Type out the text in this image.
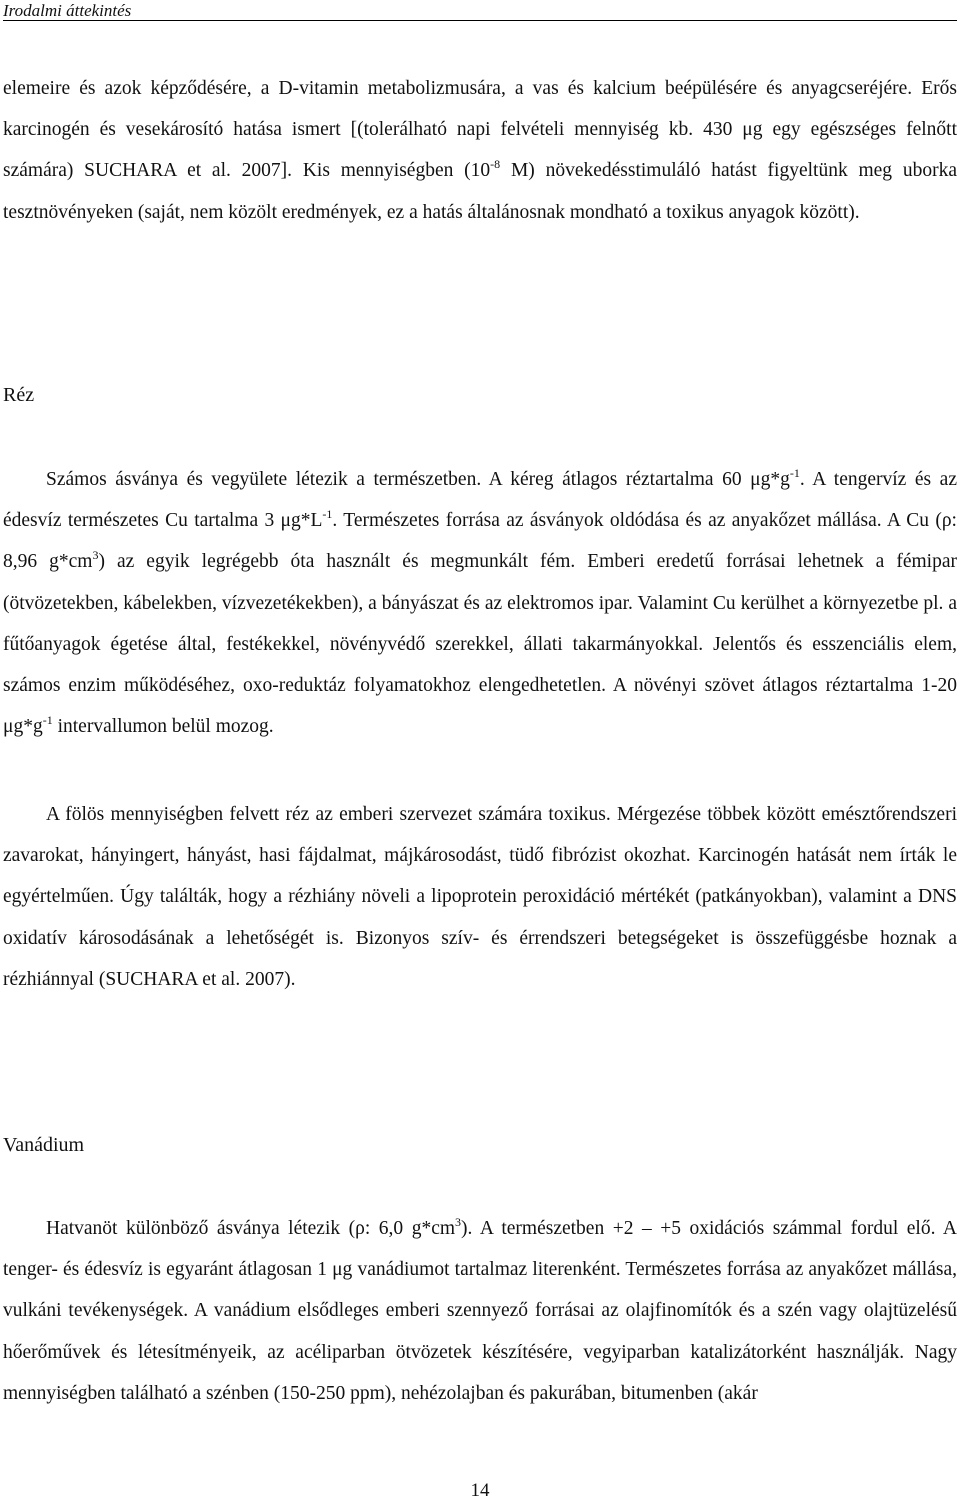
Irodalmi áttekintés

elemeire és azok képződésére, a D-vitamin metabolizmusára, a vas és kalcium beépülésére és anyagcseréjére. Erős karcinogén és vesekárosító hatása ismert [(tolerálható napi felvételi mennyiség kb. 430 μg egy egészséges felnőtt számára) SUCHARA et al. 2007]. Kis mennyiségben ($10^{-8}$ M) növekedésstimuláló hatást figyeltünk meg uborka tesztnövényeken (saját, nem közölt eredmények, ez a hatás általánosnak mondható a toxikus anyagok között).

Réz

Számos ásványa és vegyülete létezik a természetben. A kéreg átlagos réztartalma 60 $\mu g*g^{-1}$. A tengervíz és az édesvíz természetes Cu tartalma 3 $\mu g*L^{-1}$. Természetes forrása az ásványok oldódása és az anyakőzet mállása. A Cu (ρ: 8,96 $g*cm^3$) az egyik legrégebb óta használt és megmunkált fém. Emberi eredetű forrásai lehetnek a fémipar (ötvözetekben, kábelekben, vízvezetékekben), a bányászat és az elektromos ipar. Valamint Cu kerülhet a környezetbe pl. a fűtőanyagok égetése által, festékekkel, növényvédő szerekkel, állati takarmányokkal. Jelentős és esszenciális elem, számos enzim működéséhez, oxo-reduktáz folyamatokhoz elengedhetetlen. A növényi szövet átlagos réztartalma 1-20 $\mu g*g^{-1}$ intervallumon belül mozog.

A fölös mennyiségben felvett réz az emberi szervezet számára toxikus. Mérgezése többek között emésztőrendszeri zavarokat, hányingert, hányást, hasi fájdalmat, májkárosodást, tüdő fibrózist okozhat. Karcinogén hatását nem írták le egyértelműen. Úgy találták, hogy a rézhiány növeli a lipoprotein peroxidáció mértékét (patkányokban), valamint a DNS oxidatív károsodásának a lehetőségét is. Bizonyos szív- és érrendszeri betegségeket is összefüggésbe hoznak a rézhiánnyal (SUCHARA et al. 2007).

Vanádium

Hatvanöt különböző ásványa létezik (ρ: 6,0 $g*cm^3$). A természetben +2 – +5 oxidációs számmal fordul elő. A tenger- és édesvíz is egyaránt átlagosan 1 μg vanádiumot tartalmaz literenként. Természetes forrása az anyakőzet mállása, vulkáni tevékenységek. A vanádium elsődleges emberi szennyező forrásai az olajfinomítók és a szén vagy olajtüzelésű hőerőművek és létesítményeik, az acéliparban ötvözetek készítésére, vegyiparban katalizátorként használják. Nagy mennyiségben található a szénben (150-250 ppm), nehézolajban és pakurában, bitumenben (akár

14
